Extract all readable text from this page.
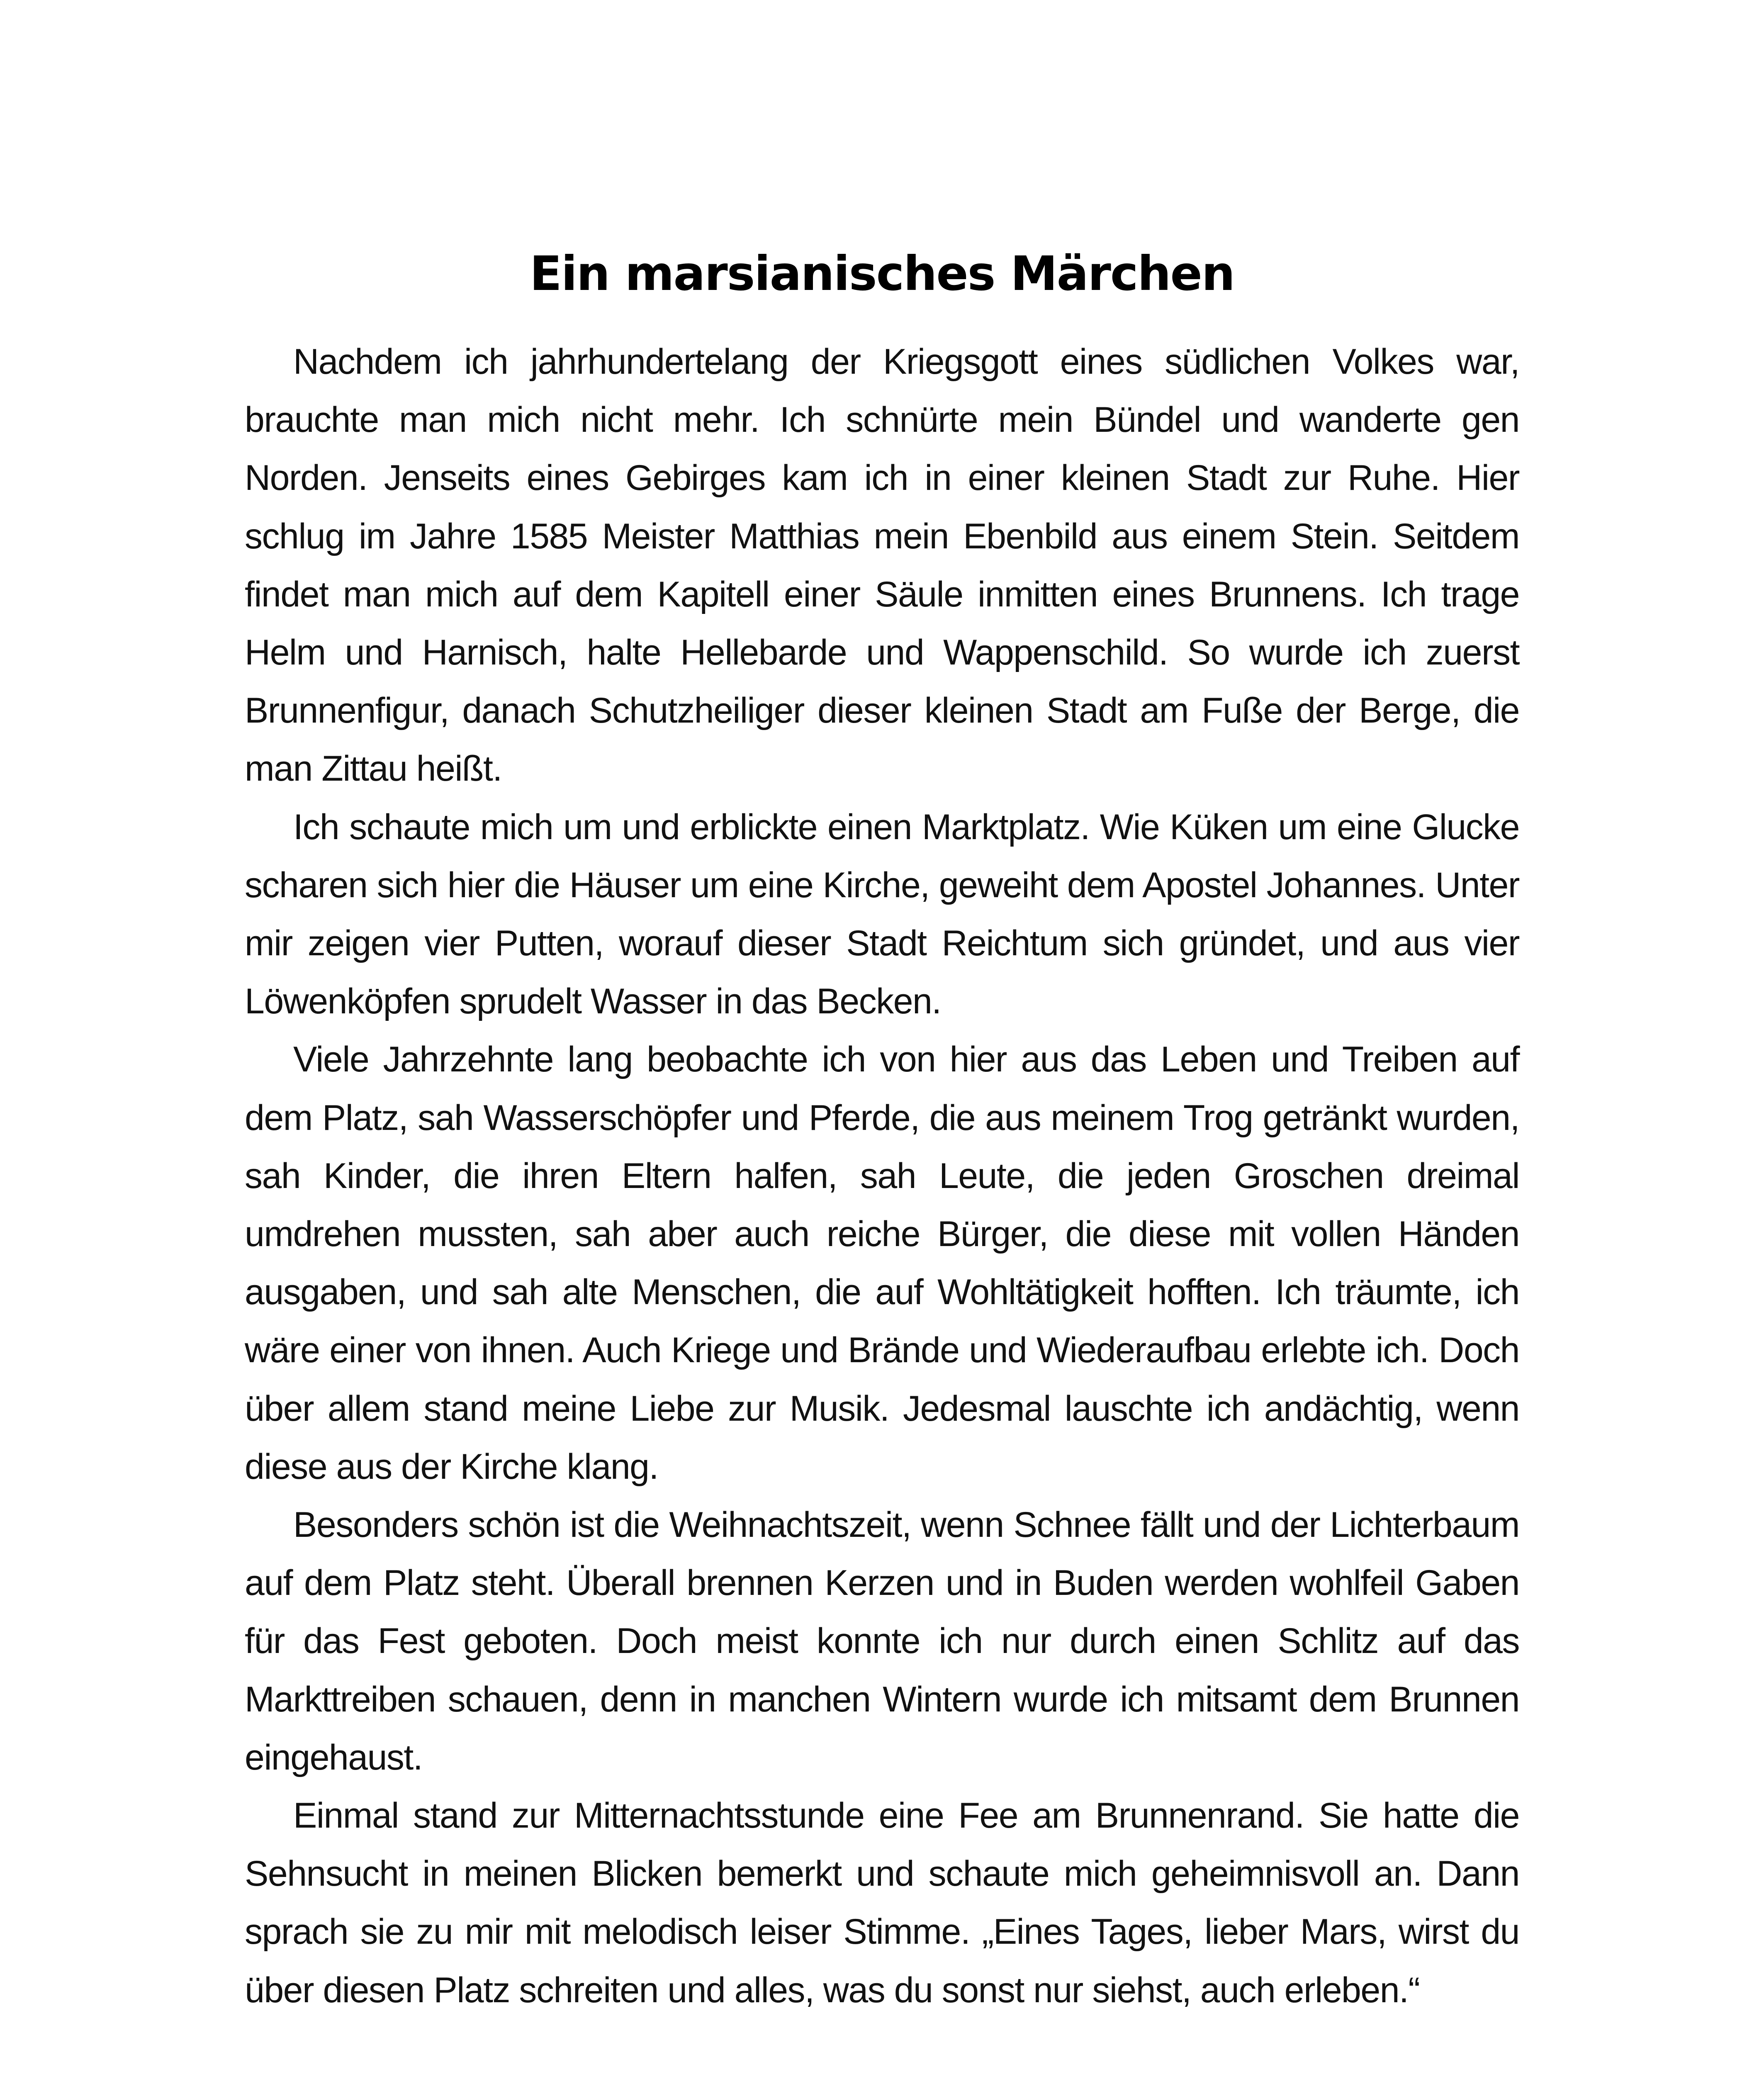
Ein marsianisches Märchen

Nachdem ich jahrhundertelang der Kriegsgott eines südlichen Volkes war, brauchte man mich nicht mehr. Ich schnürte mein Bündel und wanderte gen Norden. Jenseits eines Gebirges kam ich in einer kleinen Stadt zur Ruhe. Hier schlug im Jahre 1585 Meister Matthias mein Ebenbild aus einem Stein. Seitdem findet man mich auf dem Kapitell einer Säule inmitten eines Brunnens. Ich trage Helm und Harnisch, halte Hellebarde und Wappenschild. So wurde ich zuerst Brunnenfigur, danach Schutzheiliger dieser kleinen Stadt am Fuße der Berge, die man Zittau heißt.

Ich schaute mich um und erblickte einen Marktplatz. Wie Küken um eine Glucke scharen sich hier die Häuser um eine Kirche, geweiht dem Apostel Johannes. Unter mir zeigen vier Putten, worauf dieser Stadt Reichtum sich gründet, und aus vier Löwenköpfen sprudelt Wasser in das Becken.

Viele Jahrzehnte lang beobachte ich von hier aus das Leben und Treiben auf dem Platz, sah Wasserschöpfer und Pferde, die aus meinem Trog getränkt wurden, sah Kinder, die ihren Eltern halfen, sah Leute, die jeden Groschen dreimal umdrehen mussten, sah aber auch reiche Bürger, die diese mit vollen Händen ausgaben, und sah alte Menschen, die auf Wohltätigkeit hofften. Ich träumte, ich wäre einer von ihnen. Auch Kriege und Brände und Wiederaufbau erlebte ich. Doch über allem stand meine Liebe zur Musik. Jedesmal lauschte ich andächtig, wenn diese aus der Kirche klang.

Besonders schön ist die Weihnachtszeit, wenn Schnee fällt und der Lichterbaum auf dem Platz steht. Überall brennen Kerzen und in Buden werden wohlfeil Gaben für das Fest geboten. Doch meist konnte ich nur durch einen Schlitz auf das Markttreiben schauen, denn in manchen Wintern wurde ich mitsamt dem Brunnen eingehaust.

Einmal stand zur Mitternachtsstunde eine Fee am Brunnenrand. Sie hatte die Sehnsucht in meinen Blicken bemerkt und schaute mich geheimnisvoll an. Dann sprach sie zu mir mit melodisch leiser Stimme. „Eines Tages, lieber Mars, wirst du über diesen Platz schreiten und alles, was du sonst nur siehst, auch erleben.“
